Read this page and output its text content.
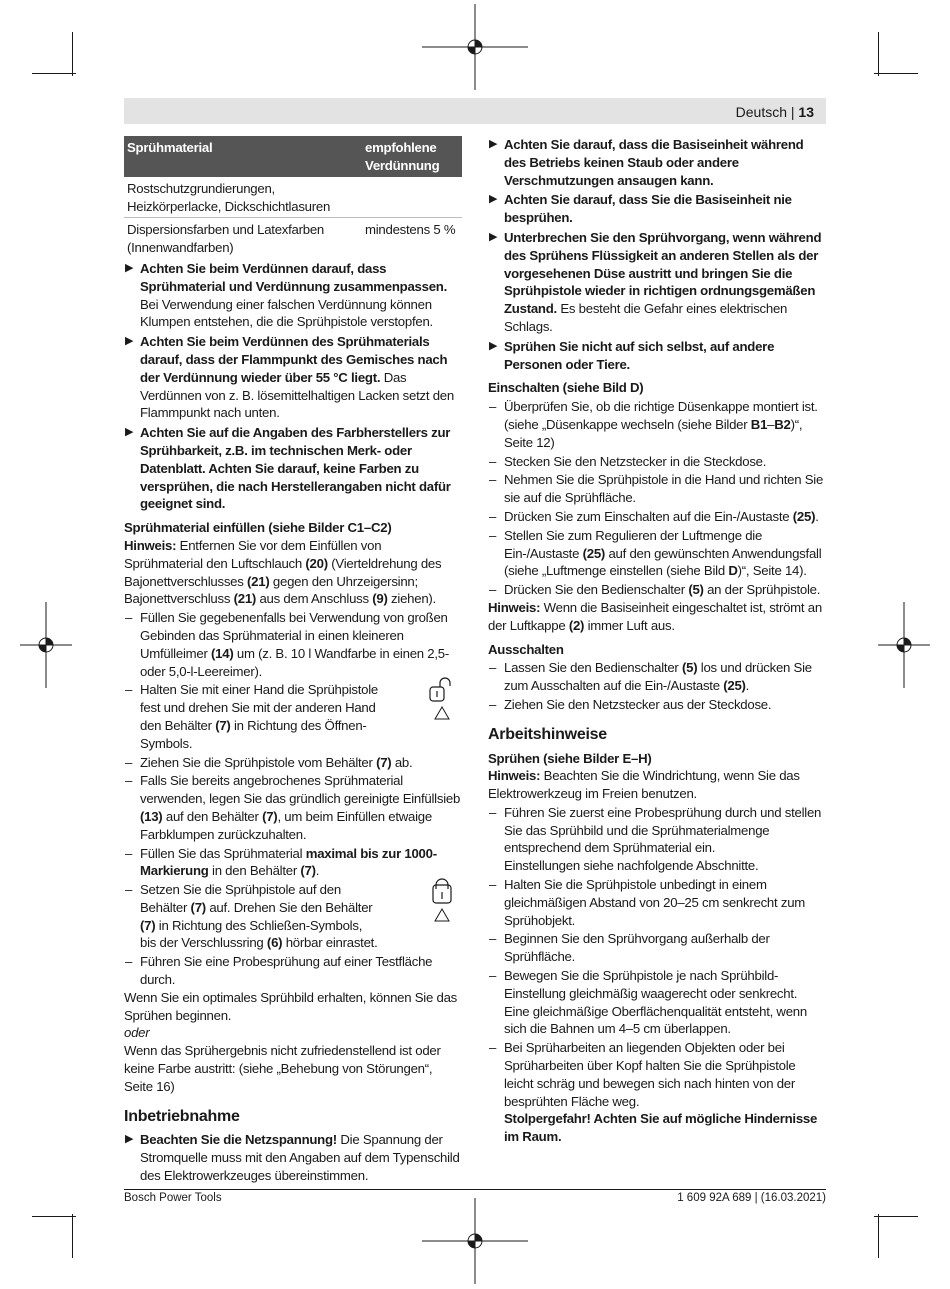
Deutsch | 13
Sprühmaterial	empfohlene Verdünnung
Rostschutzgrundierungen, Heizkörperlacke, Dickschichtlasuren	
Dispersionsfarben und Latexfarben (Innenwandfarben)	mindestens 5 %
▶ Achten Sie beim Verdünnen darauf, dass Sprühmaterial und Verdünnung zusammenpassen. Bei Verwendung einer falschen Verdünnung können Klumpen entstehen, die die Sprühpistole verstopfen.
▶ Achten Sie beim Verdünnen des Sprühmaterials darauf, dass der Flammpunkt des Gemisches nach der Verdünnung wieder über 55 °C liegt. Das Verdünnen von z. B. lösemittelhaltigen Lacken setzt den Flammpunkt nach unten.
▶ Achten Sie auf die Angaben des Farbherstellers zur Sprühbarkeit, z.B. im technischen Merk- oder Datenblatt. Achten Sie darauf, keine Farben zu versprühen, die nach Herstellerangaben nicht dafür geeignet sind.

Sprühmaterial einfüllen (siehe Bilder C1–C2)

Hinweis: Entfernen Sie vor dem Einfüllen von Sprühmaterial den Luftschlauch (20) (Vierteldrehung des Bajonettverschlusses (21) gegen den Uhrzeigersinn; Bajonettverschluss (21) aus dem Anschluss (9) ziehen).

– Füllen Sie gegebenenfalls bei Verwendung von großen Gebinden das Sprühmaterial in einen kleineren Umfülleimer (14) um (z. B. 10 l Wandfarbe in einen 2,5- oder 5,0-l-Leereimer).
– Halten Sie mit einer Hand die Sprühpistole fest und drehen Sie mit der anderen Hand den Behälter (7) in Richtung des Öffnen-Symbols.
– Ziehen Sie die Sprühpistole vom Behälter (7) ab.
– Falls Sie bereits angebrochenes Sprühmaterial verwenden, legen Sie das gründlich gereinigte Einfüllsieb (13) auf den Behälter (7), um beim Einfüllen etwaige Farbklumpen zurückzuhalten.
– Füllen Sie das Sprühmaterial maximal bis zur 1000-Markierung in den Behälter (7).
– Setzen Sie die Sprühpistole auf den Behälter (7) auf. Drehen Sie den Behälter (7) in Richtung des Schließen-Symbols, bis der Verschlussring (6) hörbar einrastet.
– Führen Sie eine Probesprühung auf einer Testfläche durch.

Wenn Sie ein optimales Sprühbild erhalten, können Sie das Sprühen beginnen.

oder

Wenn das Sprühergebnis nicht zufriedenstellend ist oder keine Farbe austritt: (siehe „Behebung von Störungen“, Seite 16)

Inbetriebnahme

▶ Beachten Sie die Netzspannung! Die Spannung der Stromquelle muss mit den Angaben auf dem Typenschild des Elektrowerkzeuges übereinstimmen.
▶ Achten Sie darauf, dass die Basiseinheit während des Betriebs keinen Staub oder andere Verschmutzungen ansaugen kann.
▶ Achten Sie darauf, dass Sie die Basiseinheit nie besprühen.
▶ Unterbrechen Sie den Sprühvorgang, wenn während des Sprühens Flüssigkeit an anderen Stellen als der vorgesehenen Düse austritt und bringen Sie die Sprühpistole wieder in richtigen ordnungsgemäßen Zustand. Es besteht die Gefahr eines elektrischen Schlags.
▶ Sprühen Sie nicht auf sich selbst, auf andere Personen oder Tiere.

Einschalten (siehe Bild D)

– Überprüfen Sie, ob die richtige Düsenkappe montiert ist. (siehe „Düsenkappe wechseln (siehe Bilder B1–B2)“, Seite 12)
– Stecken Sie den Netzstecker in die Steckdose.
– Nehmen Sie die Sprühpistole in die Hand und richten Sie sie auf die Sprühfläche.
– Drücken Sie zum Einschalten auf die Ein-/Austaste (25).
– Stellen Sie zum Regulieren der Luftmenge die Ein-/Austaste (25) auf den gewünschten Anwendungsfall (siehe „Luftmenge einstellen (siehe Bild D)“, Seite 14).
– Drücken Sie den Bedienschalter (5) an der Sprühpistole.

Hinweis: Wenn die Basiseinheit eingeschaltet ist, strömt an der Luftkappe (2) immer Luft aus.

Ausschalten

– Lassen Sie den Bedienschalter (5) los und drücken Sie zum Ausschalten auf die Ein-/Austaste (25).
– Ziehen Sie den Netzstecker aus der Steckdose.

Arbeitshinweise

Sprühen (siehe Bilder E–H)

Hinweis: Beachten Sie die Windrichtung, wenn Sie das Elektrowerkzeug im Freien benutzen.

– Führen Sie zuerst eine Probesprühung durch und stellen Sie das Sprühbild und die Sprühmaterialmenge entsprechend dem Sprühmaterial ein.
Einstellungen siehe nachfolgende Abschnitte.
– Halten Sie die Sprühpistole unbedingt in einem gleichmäßigen Abstand von 20–25 cm senkrecht zum Sprühobjekt.
– Beginnen Sie den Sprühvorgang außerhalb der Sprühfläche.
– Bewegen Sie die Sprühpistole je nach Sprühbild-Einstellung gleichmäßig waagerecht oder senkrecht.
Eine gleichmäßige Oberflächenqualität entsteht, wenn sich die Bahnen um 4–5 cm überlappen.
– Bei Sprüharbeiten an liegenden Objekten oder bei Sprüharbeiten über Kopf halten Sie die Sprühpistole leicht schräg und bewegen sich nach hinten von der besprühten Fläche weg.
Stolpergefahr! Achten Sie auf mögliche Hindernisse im Raum.
Bosch Power Tools	1 609 92A 689 | (16.03.2021)
